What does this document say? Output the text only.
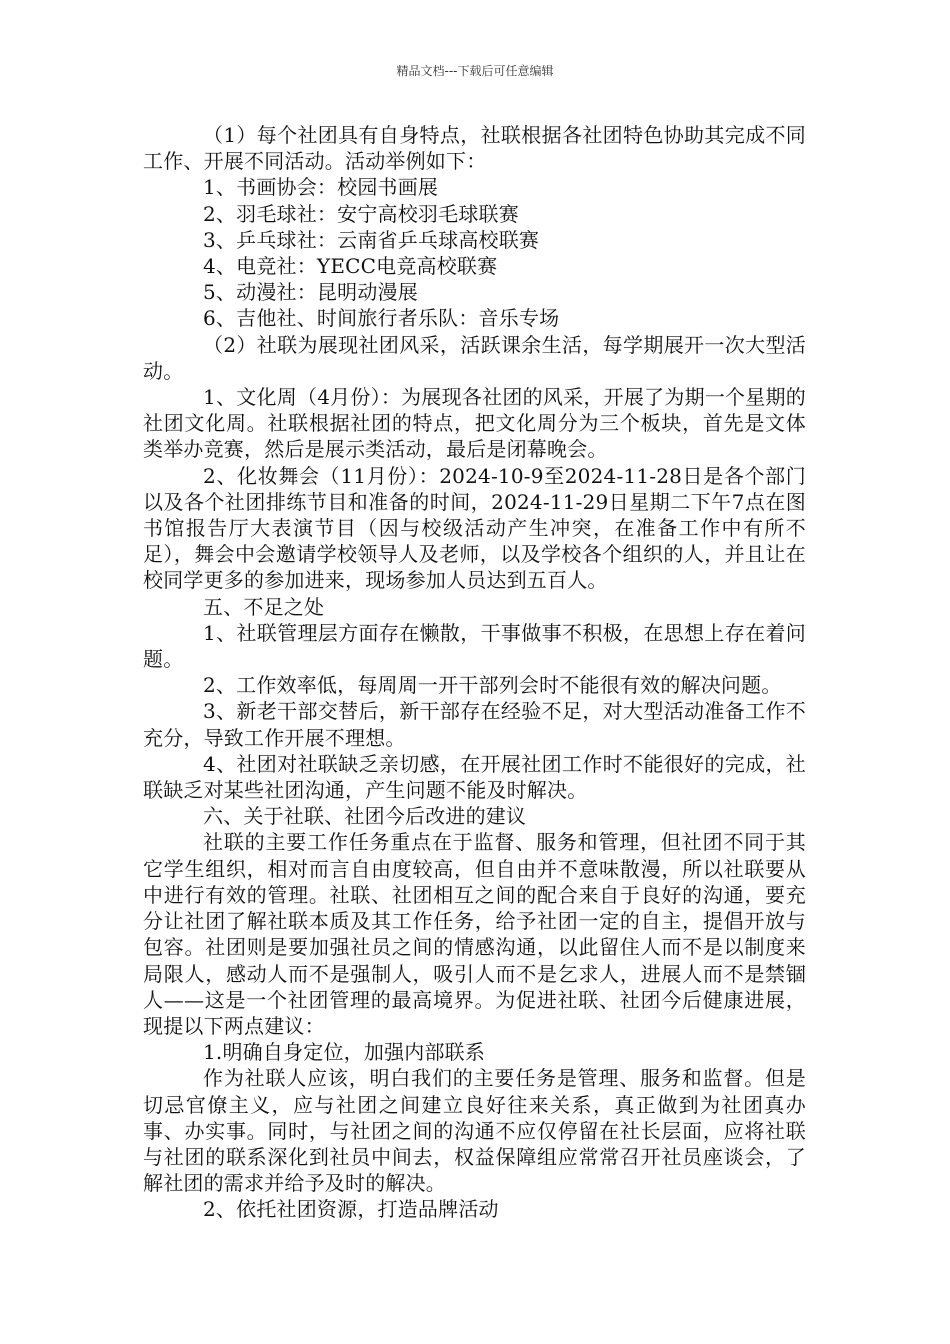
精品文档---下载后可任意编辑

（1）每个社团具有自身特点，社联根据各社团特色协助其完成不同工作、开展不同活动。活动举例如下：

1、书画协会：校园书画展

2、羽毛球社：安宁高校羽毛球联赛

3、乒乓球社：云南省乒乓球高校联赛

4、电竞社：YECC电竞高校联赛

5、动漫社：昆明动漫展

6、吉他社、时间旅行者乐队：音乐专场

（2）社联为展现社团风采，活跃课余生活，每学期展开一次大型活动。

1、文化周（4月份）：为展现各社团的风采，开展了为期一个星期的社团文化周。社联根据社团的特点，把文化周分为三个板块，首先是文体类举办竞赛，然后是展示类活动，最后是闭幕晚会。

2、化妆舞会（11月份）：2024-10-9至2024-11-28日是各个部门以及各个社团排练节目和准备的时间，2024-11-29日星期二下午7点在图书馆报告厅大表演节目（因与校级活动产生冲突，在准备工作中有所不足），舞会中会邀请学校领导人及老师，以及学校各个组织的人，并且让在校同学更多的参加进来，现场参加人员达到五百人。

五、不足之处

1、社联管理层方面存在懒散，干事做事不积极，在思想上存在着问题。

2、工作效率低，每周周一开干部列会时不能很有效的解决问题。

3、新老干部交替后，新干部存在经验不足，对大型活动准备工作不充分，导致工作开展不理想。

4、社团对社联缺乏亲切感，在开展社团工作时不能很好的完成，社联缺乏对某些社团沟通，产生问题不能及时解决。

六、关于社联、社团今后改进的建议

社联的主要工作任务重点在于监督、服务和管理，但社团不同于其它学生组织，相对而言自由度较高，但自由并不意味散漫，所以社联要从中进行有效的管理。社联、社团相互之间的配合来自于良好的沟通，要充分让社团了解社联本质及其工作任务，给予社团一定的自主，提倡开放与包容。社团则是要加强社员之间的情感沟通，以此留住人而不是以制度来局限人，感动人而不是强制人，吸引人而不是乞求人，进展人而不是禁锢人——这是一个社团管理的最高境界。为促进社联、社团今后健康进展，现提以下两点建议：

1.明确自身定位，加强内部联系

作为社联人应该，明白我们的主要任务是管理、服务和监督。但是切忌官僚主义，应与社团之间建立良好往来关系，真正做到为社团真办事、办实事。同时，与社团之间的沟通不应仅停留在社长层面，应将社联与社团的联系深化到社员中间去，权益保障组应常常召开社员座谈会，了解社团的需求并给予及时的解决。

2、依托社团资源，打造品牌活动
